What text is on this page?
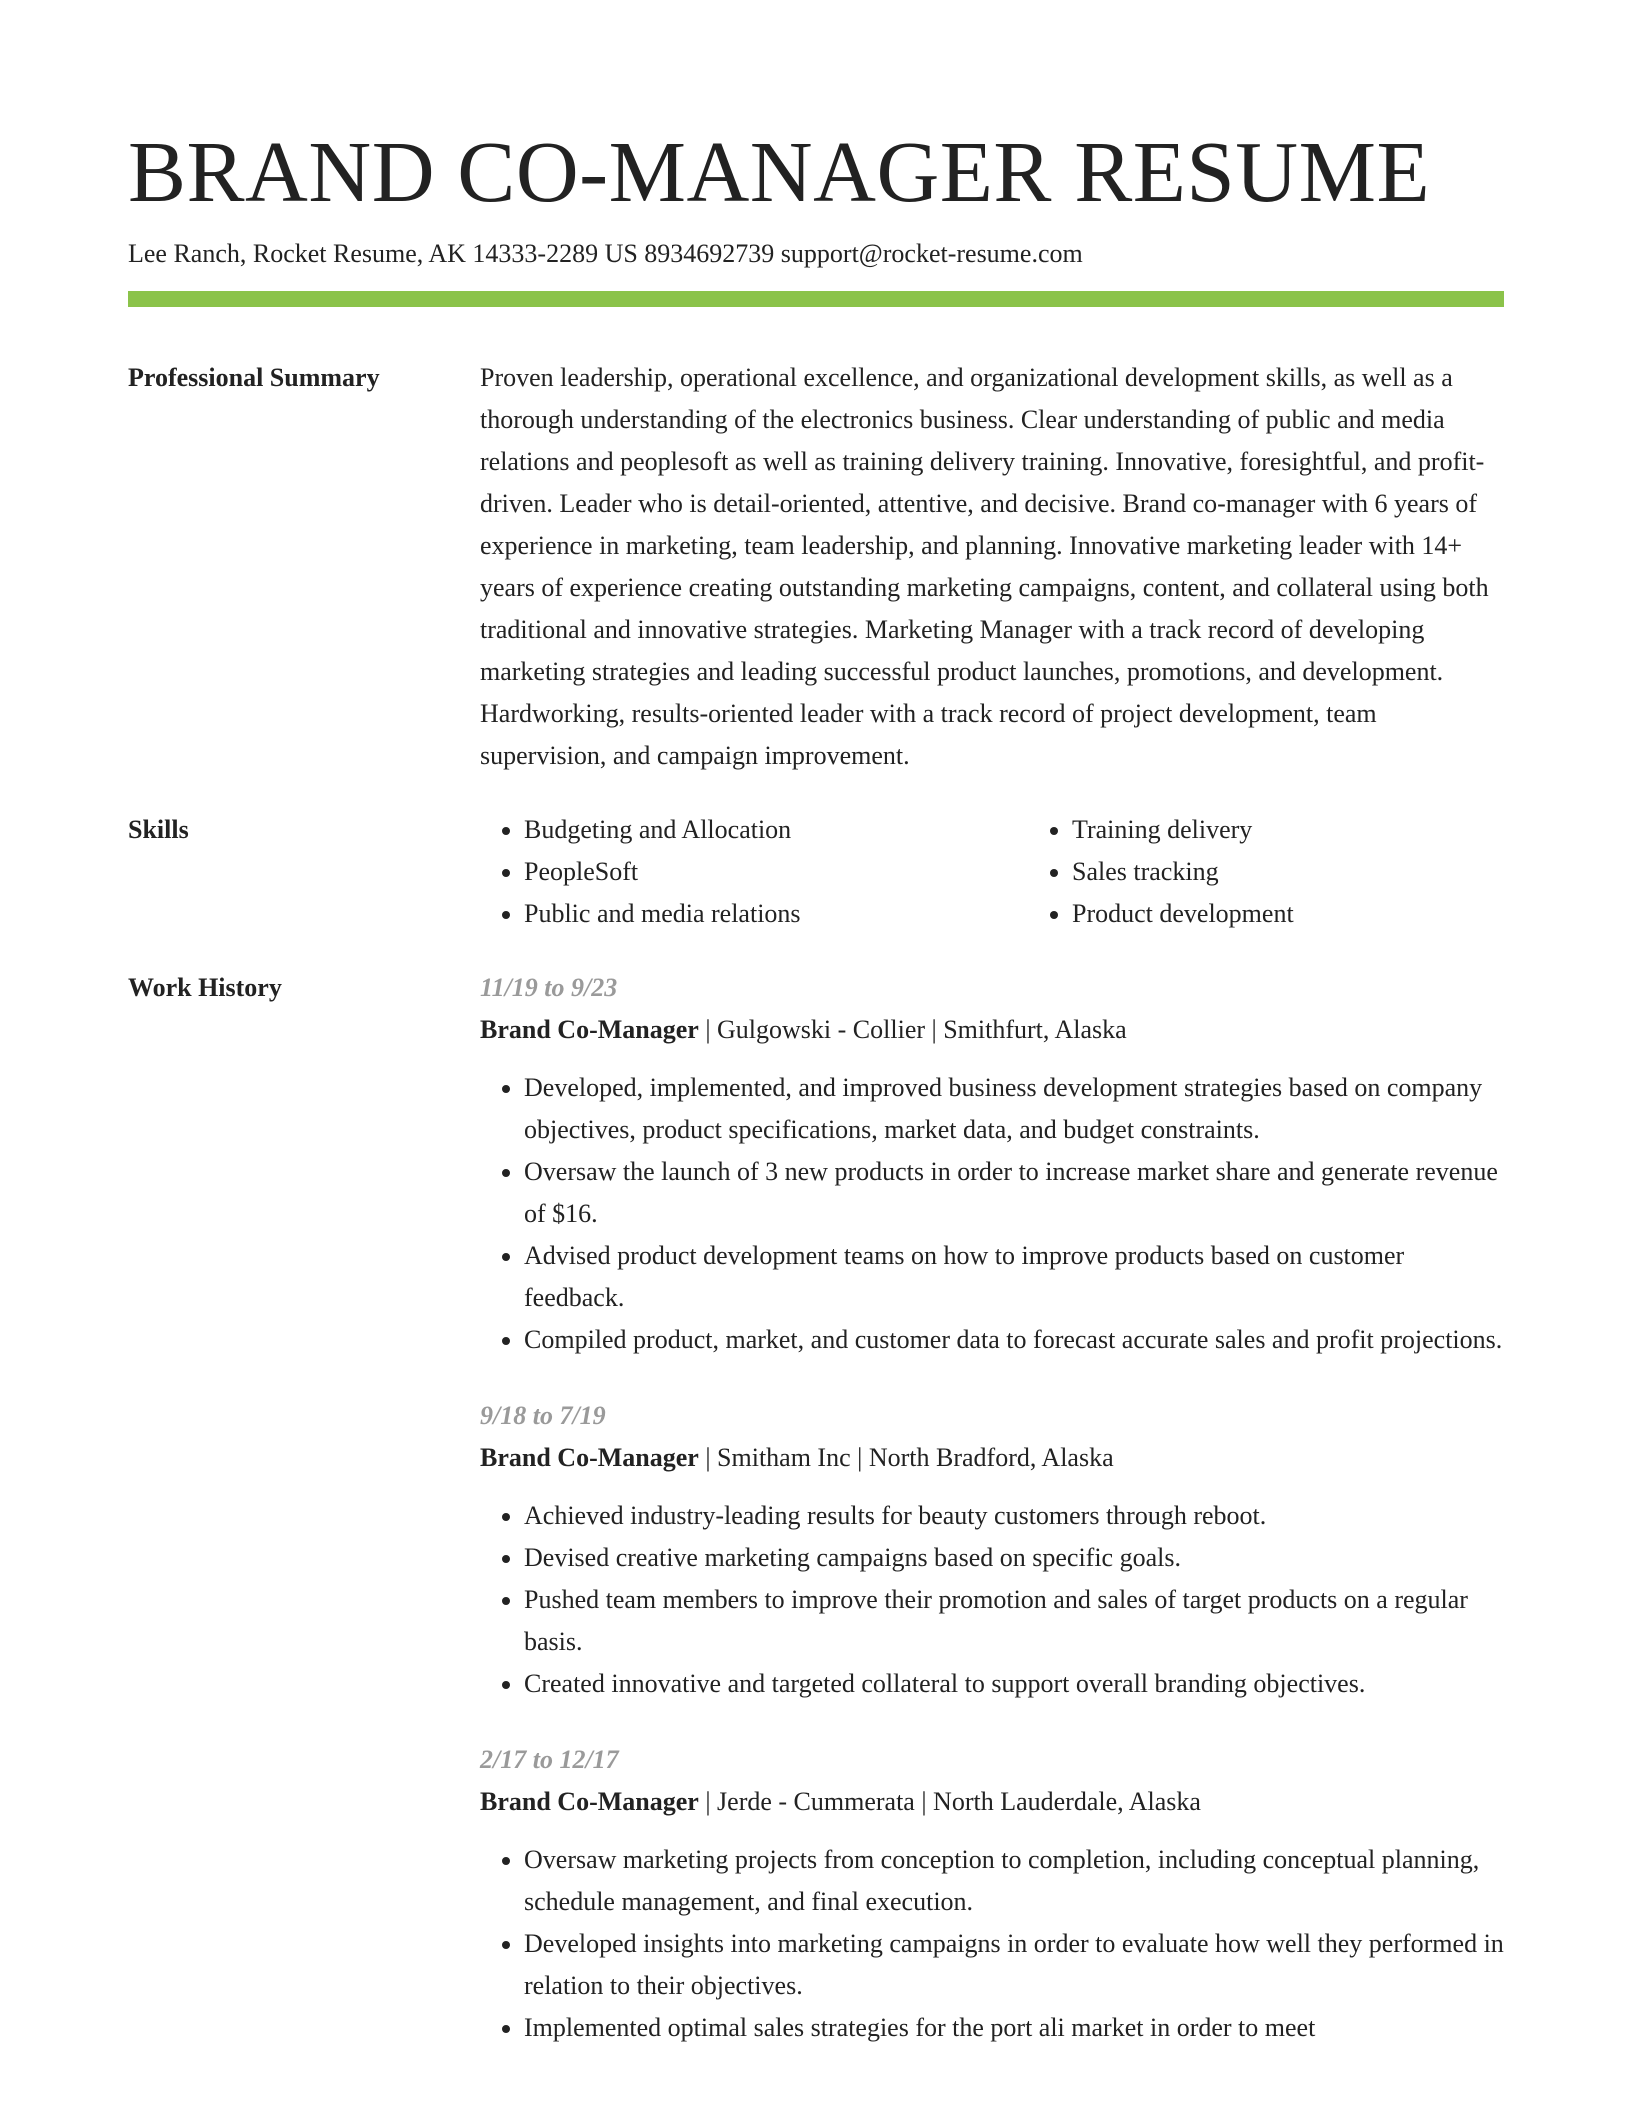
BRAND CO-MANAGER RESUME
Lee Ranch, Rocket Resume, AK 14333-2289 US 8934692739 support@rocket-resume.com
Professional Summary	Proven leadership, operational excellence, and organizational development skills, as well as a thorough understanding of the electronics business. Clear understanding of public and media relations and peoplesoft as well as training delivery training. Innovative, foresightful, and profit-driven. Leader who is detail-oriented, attentive, and decisive. Brand co-manager with 6 years of experience in marketing, team leadership, and planning. Innovative marketing leader with 14+ years of experience creating outstanding marketing campaigns, content, and collateral using both traditional and innovative strategies. Marketing Manager with a track record of developing marketing strategies and leading successful product launches, promotions, and development. Hardworking, results-oriented leader with a track record of project development, team supervision, and campaign improvement.

Skills
•	Budgeting and Allocation
• PeopleSoft
• Public and media relations
• Training delivery
• Sales tracking
• Product development
Work History	11/19 to 9/23
Brand Co-Manager | Gulgowski - Collier | Smithfurt, Alaska
• Developed, implemented, and improved business development strategies based on company objectives, product specifications, market data, and budget constraints.
• Oversaw the launch of 3 new products in order to increase market share and generate revenue of $16.
• Advised product development teams on how to improve products based on customer feedback.
• Compiled product, market, and customer data to forecast accurate sales and profit projections.
9/18 to 7/19
Brand Co-Manager | Smitham Inc | North Bradford, Alaska
• Achieved industry-leading results for beauty customers through reboot.
• Devised creative marketing campaigns based on specific goals.
• Pushed team members to improve their promotion and sales of target products on a regular basis.
• Created innovative and targeted collateral to support overall branding objectives.
2/17 to 12/17
Brand Co-Manager | Jerde - Cummerata | North Lauderdale, Alaska
• Oversaw marketing projects from conception to completion, including conceptual planning, schedule management, and final execution.
• Developed insights into marketing campaigns in order to evaluate how well they performed in relation to their objectives.
• Implemented optimal sales strategies for the port ali market in order to meet
